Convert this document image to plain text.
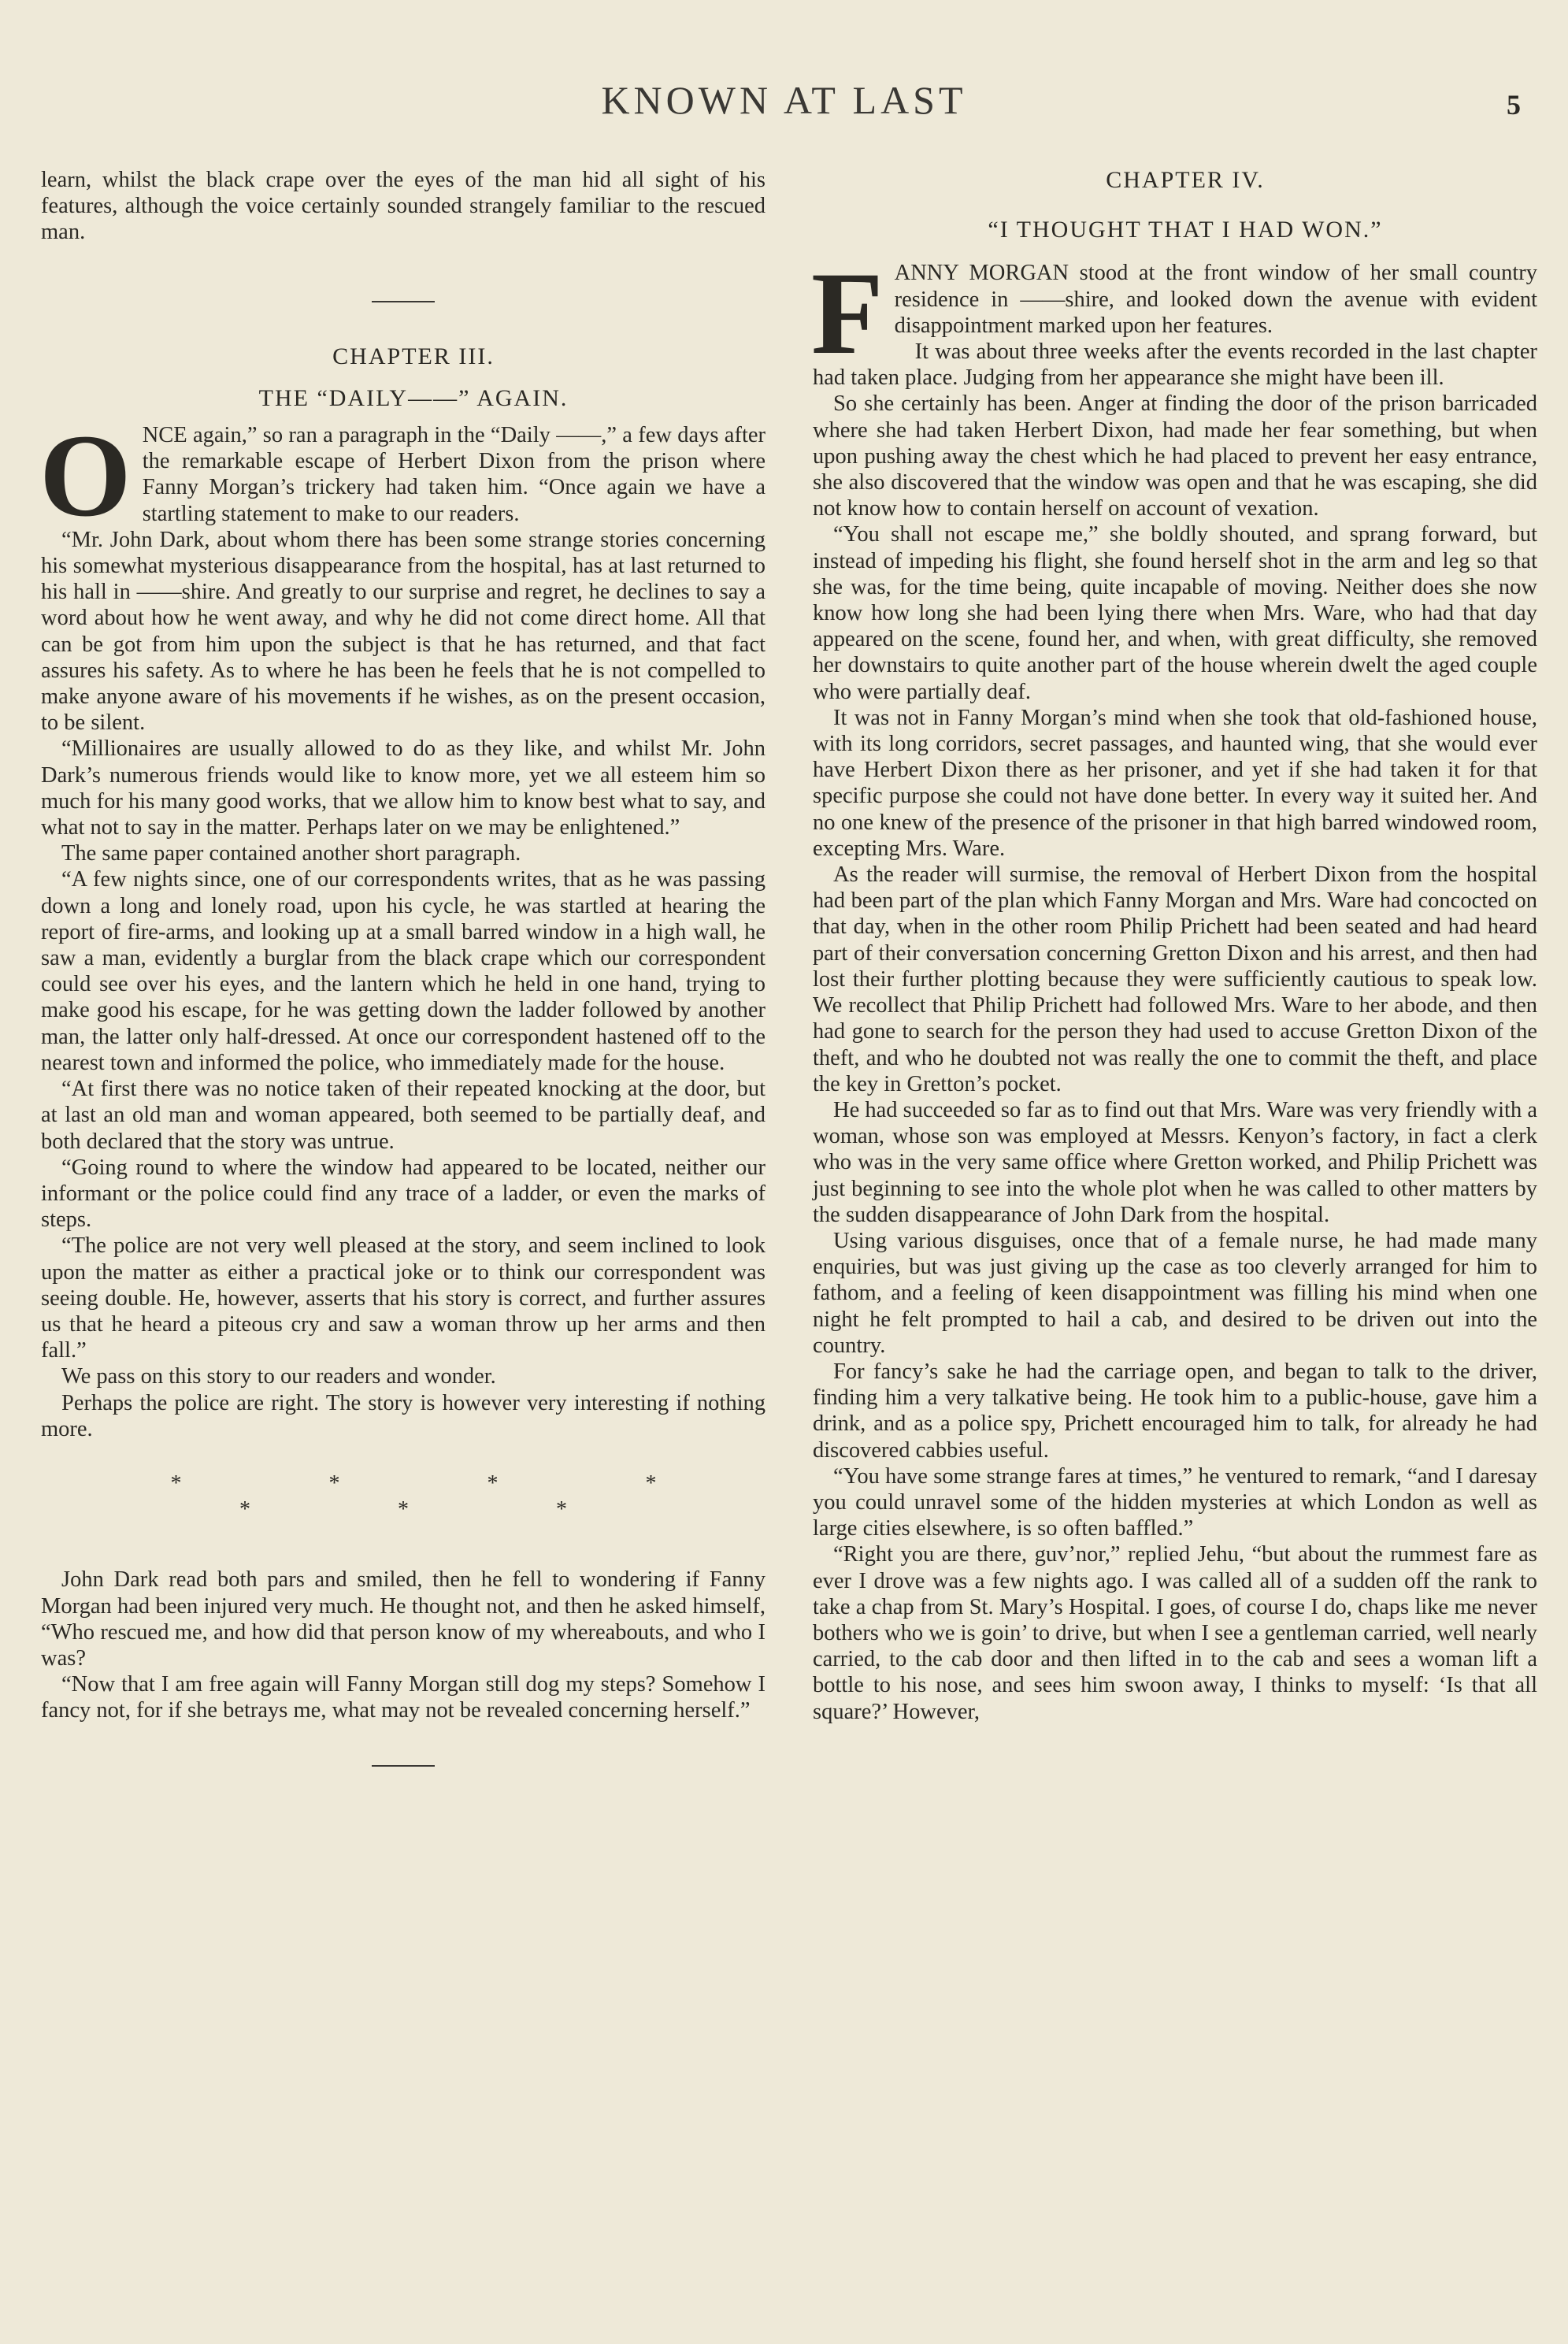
KNOWN AT LAST	5

learn, whilst the black crape over the eyes of the man hid all sight of his features, although the voice certainly sounded strangely familiar to the rescued man.

CHAPTER III.

THE “DAILY——” AGAIN.

ONCE again,” so ran a paragraph in the “Daily ——,” a few days after the remarkable escape of Herbert Dixon from the prison where Fanny Morgan’s trickery had taken him. “Once again we have a startling statement to make to our readers.

“Mr. John Dark, about whom there has been some strange stories concerning his somewhat mysterious disappearance from the hospital, has at last returned to his hall in ——shire. And greatly to our surprise and regret, he declines to say a word about how he went away, and why he did not come direct home. All that can be got from him upon the subject is that he has returned, and that fact assures his safety. As to where he has been he feels that he is not compelled to make anyone aware of his movements if he wishes, as on the present occasion, to be silent.

“Millionaires are usually allowed to do as they like, and whilst Mr. John Dark’s numerous friends would like to know more, yet we all esteem him so much for his many good works, that we allow him to know best what to say, and what not to say in the matter. Perhaps later on we may be enlightened.”

The same paper contained another short paragraph.

“A few nights since, one of our correspondents writes, that as he was passing down a long and lonely road, upon his cycle, he was startled at hearing the report of fire-arms, and looking up at a small barred window in a high wall, he saw a man, evidently a burglar from the black crape which our correspondent could see over his eyes, and the lantern which he held in one hand, trying to make good his escape, for he was getting down the ladder followed by another man, the latter only half-dressed. At once our correspondent hastened off to the nearest town and informed the police, who immediately made for the house.

“At first there was no notice taken of their repeated knocking at the door, but at last an old man and woman appeared, both seemed to be partially deaf, and both declared that the story was untrue.

“Going round to where the window had appeared to be located, neither our informant or the police could find any trace of a ladder, or even the marks of steps.

“The police are not very well pleased at the story, and seem inclined to look upon the matter as either a practical joke or to think our correspondent was seeing double. He, however, asserts that his story is correct, and further assures us that he heard a piteous cry and saw a woman throw up her arms and then fall.”

We pass on this story to our readers and wonder.

Perhaps the police are right. The story is however very interesting if nothing more.

* * * * * * *

John Dark read both pars and smiled, then he fell to wondering if Fanny Morgan had been injured very much. He thought not, and then he asked himself, “Who rescued me, and how did that person know of my whereabouts, and who I was?

“Now that I am free again will Fanny Morgan still dog my steps? Somehow I fancy not, for if she betrays me, what may not be revealed concerning herself.”

CHAPTER IV.

“I THOUGHT THAT I HAD WON.”

FANNY MORGAN stood at the front window of her small country residence in ——shire, and looked down the avenue with evident disappointment marked upon her features.

It was about three weeks after the events recorded in the last chapter had taken place. Judging from her appearance she might have been ill.

So she certainly has been. Anger at finding the door of the prison barricaded where she had taken Herbert Dixon, had made her fear something, but when upon pushing away the chest which he had placed to prevent her easy entrance, she also discovered that the window was open and that he was escaping, she did not know how to contain herself on account of vexation.

“You shall not escape me,” she boldly shouted, and sprang forward, but instead of impeding his flight, she found herself shot in the arm and leg so that she was, for the time being, quite incapable of moving. Neither does she now know how long she had been lying there when Mrs. Ware, who had that day appeared on the scene, found her, and when, with great difficulty, she removed her downstairs to quite another part of the house wherein dwelt the aged couple who were partially deaf.

It was not in Fanny Morgan’s mind when she took that old-fashioned house, with its long corridors, secret passages, and haunted wing, that she would ever have Herbert Dixon there as her prisoner, and yet if she had taken it for that specific purpose she could not have done better. In every way it suited her. And no one knew of the presence of the prisoner in that high barred windowed room, excepting Mrs. Ware.

As the reader will surmise, the removal of Herbert Dixon from the hospital had been part of the plan which Fanny Morgan and Mrs. Ware had concocted on that day, when in the other room Philip Prichett had been seated and had heard part of their conversation concerning Gretton Dixon and his arrest, and then had lost their further plotting because they were sufficiently cautious to speak low. We recollect that Philip Prichett had followed Mrs. Ware to her abode, and then had gone to search for the person they had used to accuse Gretton Dixon of the theft, and who he doubted not was really the one to commit the theft, and place the key in Gretton’s pocket.

He had succeeded so far as to find out that Mrs. Ware was very friendly with a woman, whose son was employed at Messrs. Kenyon’s factory, in fact a clerk who was in the very same office where Gretton worked, and Philip Prichett was just beginning to see into the whole plot when he was called to other matters by the sudden disappearance of John Dark from the hospital.

Using various disguises, once that of a female nurse, he had made many enquiries, but was just giving up the case as too cleverly arranged for him to fathom, and a feeling of keen disappointment was filling his mind when one night he felt prompted to hail a cab, and desired to be driven out into the country.

For fancy’s sake he had the carriage open, and began to talk to the driver, finding him a very talkative being. He took him to a public-house, gave him a drink, and as a police spy, Prichett encouraged him to talk, for already he had discovered cabbies useful.

“You have some strange fares at times,” he ventured to remark, “and I daresay you could unravel some of the hidden mysteries at which London as well as large cities elsewhere, is so often baffled.”

“Right you are there, guv’nor,” replied Jehu, “but about the rummest fare as ever I drove was a few nights ago. I was called all of a sudden off the rank to take a chap from St. Mary’s Hospital. I goes, of course I do, chaps like me never bothers who we is goin’ to drive, but when I see a gentleman carried, well nearly carried, to the cab door and then lifted in to the cab and sees a woman lift a bottle to his nose, and sees him swoon away, I thinks to myself: ‘Is that all square?’ However,
